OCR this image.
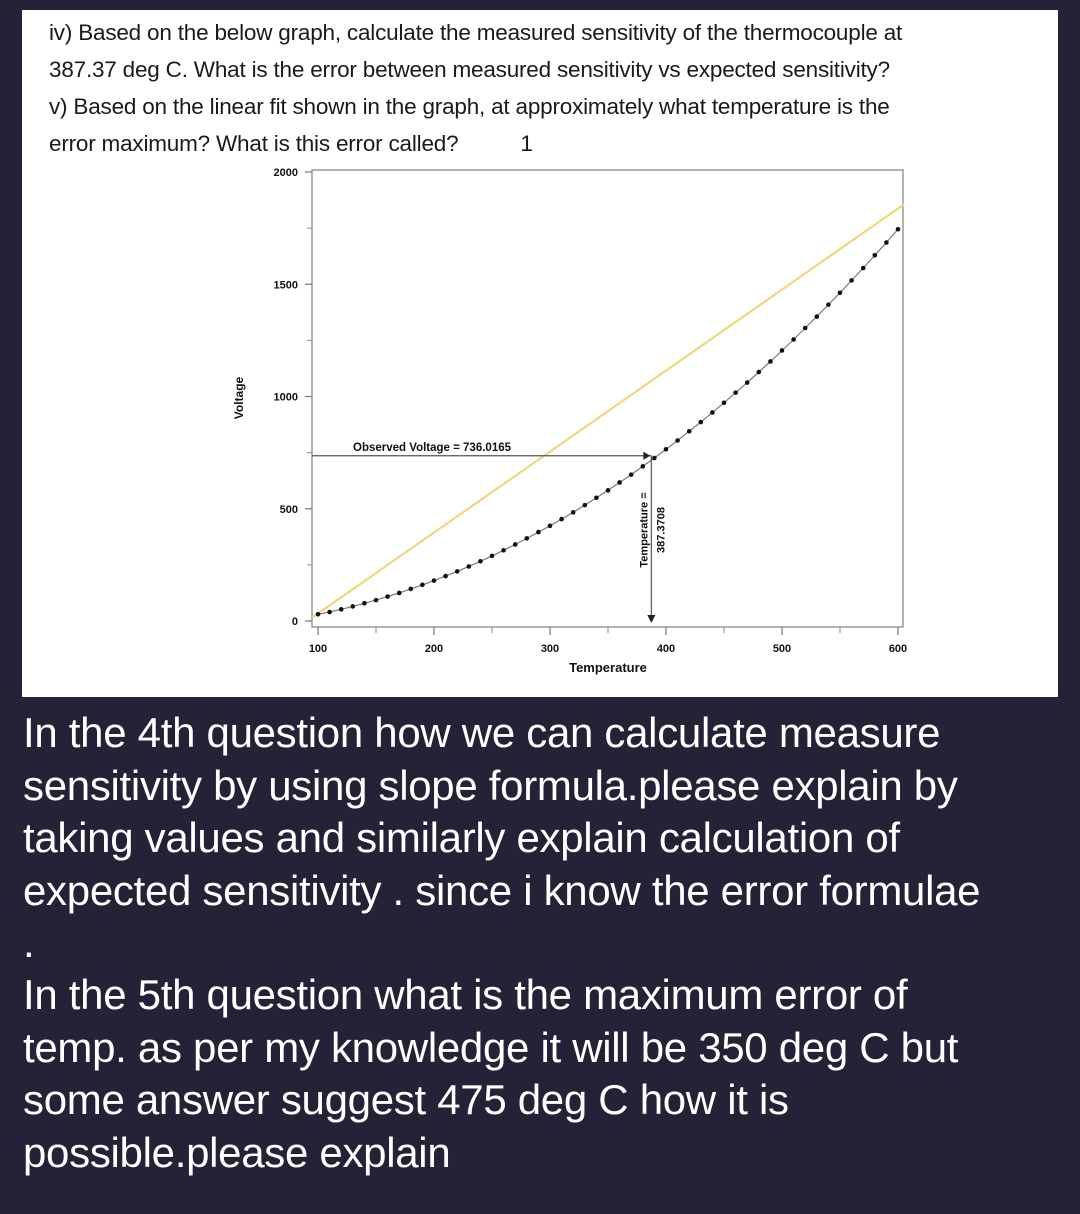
iv) Based on the below graph, calculate the measured sensitivity of the thermocouple at
387.37 deg C. What is the error between measured sensitivity vs expected sensitivity?
v) Based on the linear fit shown in the graph, at approximately what temperature is the
error maximum? What is this error called?	1
0
500
1000
1500
2000
100	200	300	400	500	600
Observed Voltage = 736.0165
Temperature = 387.3708
Temperature
Voltage

In the 4th question how we can calculate measure
sensitivity by using slope formula.please explain by
taking values and similarly explain calculation of
expected sensitivity . since i know the error formulae

.

In the 5th question what is the maximum error of
temp. as per my knowledge it will be 350 deg C but
some answer suggest 475 deg C how it is
possible.please explain
